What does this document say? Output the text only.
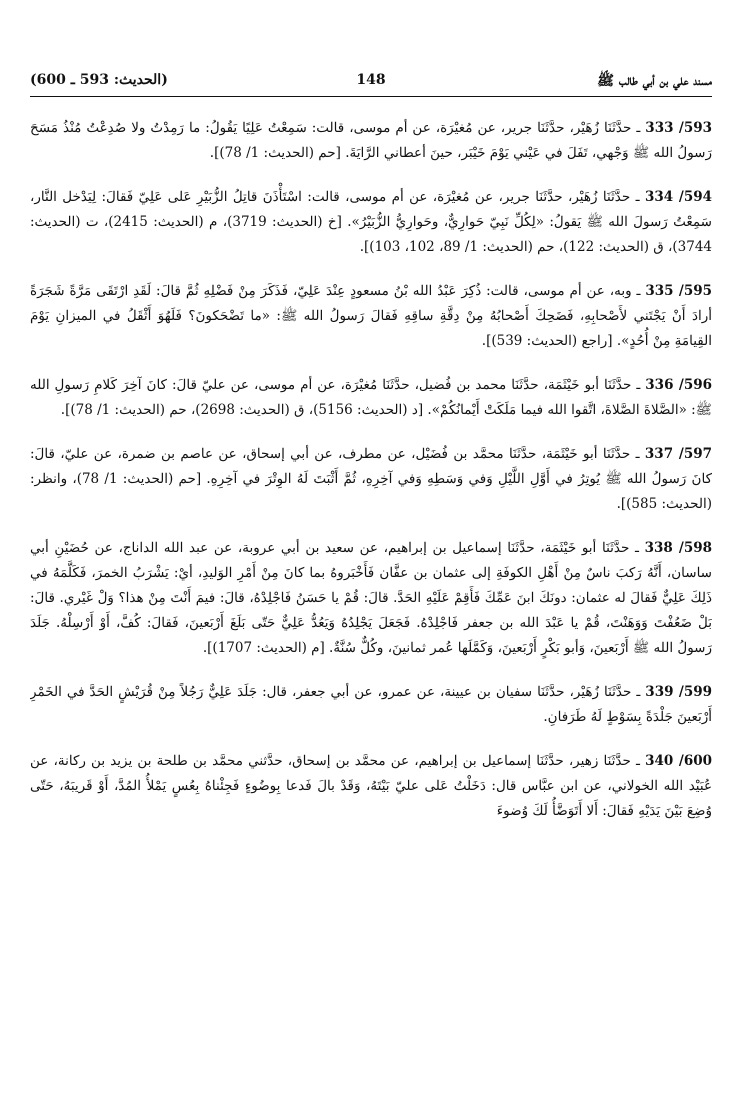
مسند علي بن أبي طالب ﷺ
148
(الحديث: 593 ـ 600)

593/ 333 ـ حدَّثَنَا زُهَيْر، حدَّثَنَا جرير، عن مُغيْرَة، عن أم موسى، قالت: سَمِعْتُ عَلِيًا يَقُولُ: ما رَمِدْتُ ولا صُدِعْتُ مُنْذُ مَسَحَ رَسولُ الله ﷺ وَجْهي، تَفَلَ في عَيْني يَوْمَ خَيْبَر، حينَ أعطاني الرَّايَةَ. [حم (الحديث: 1/ 78)].

594/ 334 ـ حدَّثَنَا زُهَيْر، حدَّثَنَا جرير، عن مُغيْرَة، عن أم موسى، قالت: اسْتَأْذَنَ قاتِلُ الزُّبَيْرِ عَلى عَلِيّ فَقالَ: لِيَدْخل النَّار، سَمِعْتُ رَسولَ الله ﷺ يَقولُ: «لِكُلِّ نَبِيّ حَوارِيٌّ، وحَوارِيُّ الزُّبَيْرُ». [خ (الحديث: 3719)، م (الحديث: 2415)، ت (الحديث: 3744)، ق (الحديث: 122)، حم (الحديث: 1/ 89، 102، 103)].

595/ 335 ـ وبه، عن أم موسى، قالت: ذُكِرَ عَبْدُ الله بْنُ مسعودٍ عِنْدَ عَلِيّ، فَذَكَرَ مِنْ فَضْلِهِ ثُمَّ قالَ: لَقَدِ ارْتَقَى مَرَّةً شَجَرَةً أرادَ أَنْ يَجْتَني لأَصْحابِهِ، فَضَحِكَ أَصْحابُهُ مِنْ دِقَّةِ ساقِهِ فَقالَ رَسولُ الله ﷺ: «ما تَضْحَكونَ؟ فَلَهُوَ أَثْقَلُ في الميزانِ يَوْمَ القِيامَةِ مِنْ أُحُدٍ». [راجع (الحديث: 539)].

596/ 336 ـ حدَّثَنَا أبو خَيْثَمَة، حدَّثَنَا محمد بن فُضيل، حدَّثَنَا مُغيْرَة، عن أم موسى، عن عليّ قالَ: كانَ آخِرَ كَلامِ رَسولِ الله ﷺ: «الصَّلاةَ الصَّلاةَ، اتَّقوا الله فيما مَلَكَتْ أَيْمانُكُمْ». [د (الحديث: 5156)، ق (الحديث: 2698)، حم (الحديث: 1/ 78)].

597/ 337 ـ حدَّثَنَا أبو خَيْثَمَة، حدَّثَنَا محمَّد بن فُضَيْل، عن مطرف، عن أبي إسحاق، عن عاصم بن ضمرة، عن عليّ، قالَ: كانَ رَسولُ الله ﷺ يُوتِرُ في أَوَّلِ اللَّيْلِ وَفي وَسَطِهِ وَفي آخِرِهِ، ثُمَّ أَثْبَتَ لَهُ الوِتْرَ في آخِرِهِ. [حم (الحديث: 1/ 78)، وانظر: (الحديث: 585)].

598/ 338 ـ حدَّثَنَا أبو خَيْثَمَة، حدَّثَنَا إسماعيل بن إبراهيم، عن سعيد بن أبي عروبة، عن عبد الله الداناج، عن حُضَيْنِ أبي ساسان، أَنَّهُ رَكبَ ناسٌ مِنْ أَهْلِ الكوفَةِ إلى عثمان بن عفَّان فَأَخْبَروهُ بما كانَ مِنْ أَمْرِ الوَليدِ، أيْ: يَشْرَبُ الخمرَ، فَكَلَّمَهُ في ذَلِكَ عَلِيٌّ فَقالَ له عثمان: دونَكَ ابنَ عَمِّكَ فَأَقِمْ عَلَيْهِ الحَدَّ. قالَ: قُمْ يا حَسَنُ فَاجْلِدْهُ، قالَ: فيمَ أَنْتَ مِنْ هذا؟ وَلْ غَيْري. قالَ: بَلْ ضَعُفْتَ وَوَهَنْتَ، قُمْ يا عَبْدَ الله بن جعفر فَاجْلِدْهُ. فَجَعَلَ يَجْلِدُهُ وَيَعُدُّ عَلِيٌّ حَتّى بَلَغَ أَرْبَعينَ، فَقالَ: كُفَّ، أَوْ أَرْسِلْهُ. جَلَدَ رَسولُ الله ﷺ أَرْبَعينَ، وَأبو بَكْرٍ أَرْبَعينَ، وَكَمَّلَها عُمر ثمانينَ، وكُلٌّ سُنَّةٌ. [م (الحديث: 1707)].

599/ 339 ـ حدَّثَنَا زُهَيْر، حدَّثَنَا سفيان بن عيينة، عن عمرو، عن أبي جعفر، قال: جَلَدَ عَلِيٌّ رَجُلاً مِنْ قُرَيْشٍ الحَدَّ في الخَمْرِ أَرْبَعينَ جَلْدَةً بِسَوْطٍ لَهُ طَرَفانِ.

600/ 340 ـ حدَّثَنَا زهير، حدَّثَنَا إسماعيل بن إبراهيم، عن محمَّد بن إسحاق، حدَّثني محمَّد بن طلحة بن يزيد بن ركانة، عن عُبَيْد الله الخولاني، عن ابن عبَّاس قال: دَخَلْتُ عَلى عليّ بَيْتَهُ، وَقَدْ بالَ فَدعا بِوضُوءٍ فَجِئْناهُ بِعُسٍ يَمْلأُ المُدَّ، أَوْ قَريبَهُ، حَتّى وُضِعَ بَيْنَ يَدَيْهِ فَقالَ: أَلا أَتَوَضَّأُ لَكَ وُضوءَ
